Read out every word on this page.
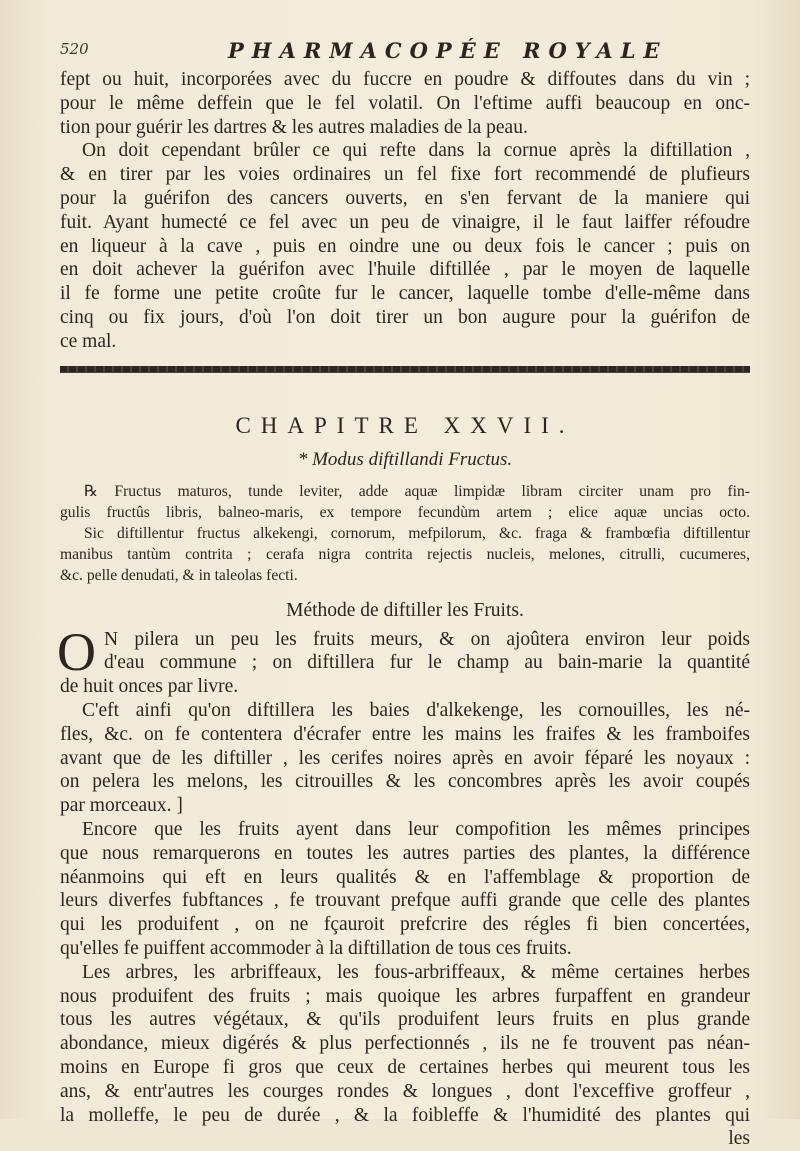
520	PHARMACOPÉE ROYALE
fept ou huit, incorporées avec du fuccre en poudre & diffoutes dans du vin ;
pour le même deffein que le fel volatil. On l'eftime auffi beaucoup en onc-
tion pour guérir les dartres & les autres maladies de la peau.
On doit cependant brûler ce qui refte dans la cornue après la diftillation ,
& en tirer par les voies ordinaires un fel fixe fort recommendé de plufieurs
pour la guérifon des cancers ouverts, en s'en fervant de la maniere qui
fuit. Ayant humecté ce fel avec un peu de vinaigre, il le faut laiffer réfoudre
en liqueur à la cave , puis en oindre une ou deux fois le cancer ; puis on
en doit achever la guérifon avec l'huile diftillée , par le moyen de laquelle
il fe forme une petite croûte fur le cancer, laquelle tombe d'elle-même dans
cinq ou fix jours, d'où l'on doit tirer un bon augure pour la guérifon de
ce mal.
CHAPITRE XXVII.
* Modus diftillandi Fructus.
℞ Fructus maturos, tunde leviter, adde aquæ limpidæ libram circiter unam pro fin-
gulis fructûs libris, balneo-maris, ex tempore fecundùm artem ; elice aquæ uncias octo.
Sic diftillentur fructus alkekengi, cornorum, mefpilorum, &c. fraga & frambœfia diftillentur
manibus tantùm contrita ; cerafa nigra contrita rejectis nucleis, melones, citrulli, cucumeres,
&c. pelle denudati, & in taleolas fecti.
Méthode de diftiller les Fruits.
O N pilera un peu les fruits meurs, & on ajoûtera environ leur poids
d'eau commune ; on diftillera fur le champ au bain-marie la quantité
de huit onces par livre.
C'eft ainfi qu'on diftillera les baies d'alkekenge, les cornouilles, les né-
fles, &c. on fe contentera d'écrafer entre les mains les fraifes & les framboifes
avant que de les diftiller , les cerifes noires après en avoir féparé les noyaux :
on pelera les melons, les citrouilles & les concombres après les avoir coupés
par morceaux. ]
Encore que les fruits ayent dans leur compofition les mêmes principes
que nous remarquerons en toutes les autres parties des plantes, la différence
néanmoins qui eft en leurs qualités & en l'affemblage & proportion de
leurs diverfes fubftances , fe trouvant prefque auffi grande que celle des plantes
qui les produifent , on ne fçauroit prefcrire des régles fi bien concertées,
qu'elles fe puiffent accommoder à la diftillation de tous ces fruits.
Les arbres, les arbriffeaux, les fous-arbriffeaux, & même certaines herbes
nous produifent des fruits ; mais quoique les arbres furpaffent en grandeur
tous les autres végétaux, & qu'ils produifent leurs fruits en plus grande
abondance, mieux digérés & plus perfectionnés , ils ne fe trouvent pas néan-
moins en Europe fi gros que ceux de certaines herbes qui meurent tous les
ans, & entr'autres les courges rondes & longues , dont l'exceffive groffeur ,
la molleffe, le peu de durée , & la foibleffe & l'humidité des plantes qui
les
